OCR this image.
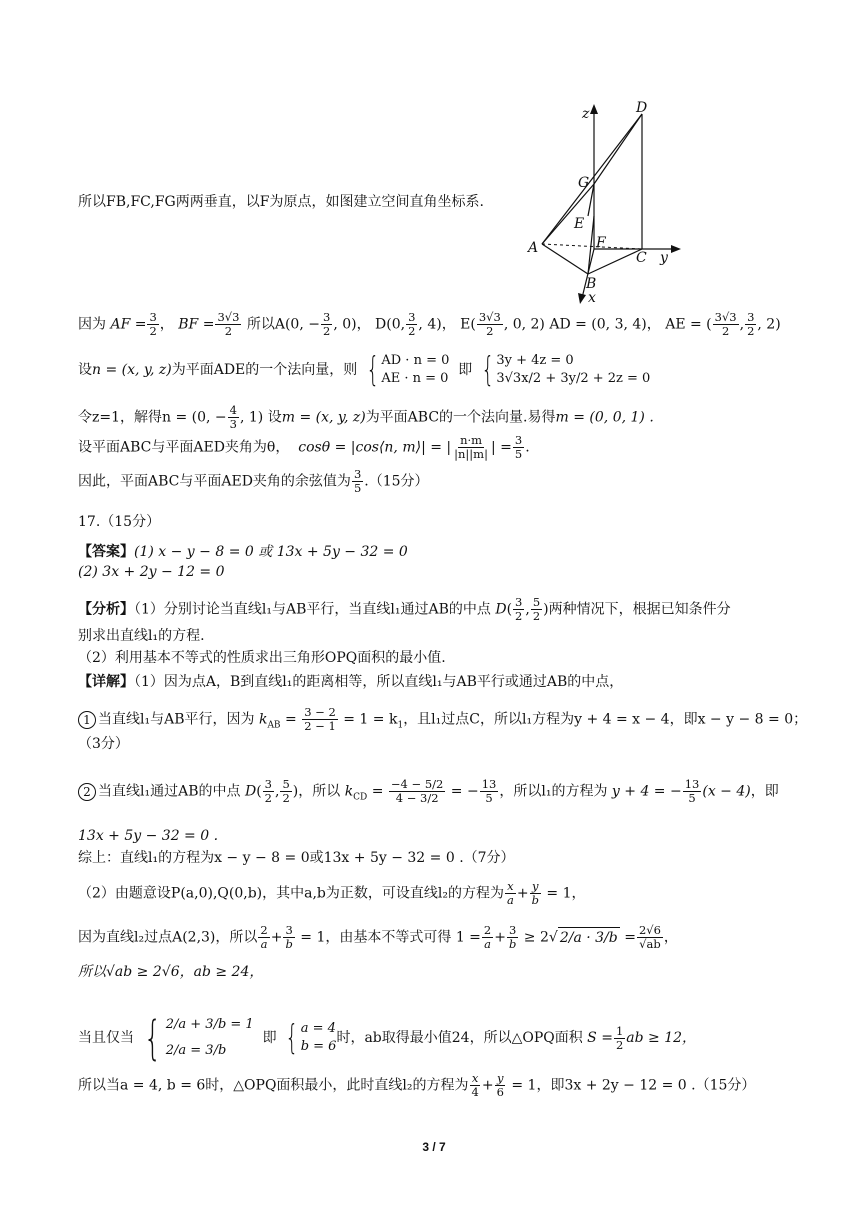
z	D
G
E
A	F
C y
B
x
所以FB,FC,FG两两垂直，以F为原点，如图建立空间直角坐标系.
因为 AF = $\frac{3}{2}$ ， BF = $\frac{3√3}{2}$ 所以A(0, − $\frac{3}{2}$ , 0)， D(0, $\frac{3}{2}$ , 4)， $E( \frac{3√3}{2}$ , 0, 2) AD = (0, 3, 4)， AE = ( $\frac{3√3}{2}$ , $\frac{3}{2}$ , 2)
设n = (x, y, z)为平面ADE的一个法向量，则 { AD · n = 0
AE · n = 0
即 { 3y + 4z = 0
3√3x/2 + 3y/2 + 2z = 0
令z=1，解得n = (0, − $\frac{4}{3}$ , 1) 设m = (x, y, z)为平面ABC的一个法向量.易得m = (0, 0, 1) .
设平面ABC与平面AED夹角为θ， cosθ = |cos⟨n, m⟩| = | $\frac{n\cdot m}{|n||m|}$ | = $\frac{3}{5}$ .
因此，平面ABC与平面AED夹角的余弦值为 $\frac{3}{5} .(15$分）
17.（15分）
【答案】(1) x − y − 8 = 0 或 13x + 5y − 32 = 0
(2) 3x + 2y − 12 = 0
【分析】（1）分别讨论当直线l₁与AB平行，当直线l₁通过AB的中点 $D( \frac{3}{2}$ , $\frac{5}{2}$ )两种情况下，根据已知条件分
别求出直线l₁的方程.
（2）利用基本不等式的性质求出三角形OPQ面积的最小值.
【详解】（1）因为点A，B到直线l₁的距离相等，所以直线l₁与AB平行或通过AB的中点，
1 当直线l₁与AB平行，因为 $k_{AB} = \frac{3 - 2}{2 - 1} = 1 = k_1$，且l₁过点C，所以l₁方程为y + 4 = x − 4，即x − y − 8 = 0；
（3分）
2 当直线l₁通过AB的中点 $D( \frac{3}{2}$ , $\frac{5}{2}$ )，所以 $k_{CD} = \frac{-4 - 5/2}{4 - 3/2}$ = − $\frac{13}{5}$ ，所以l₁的方程为 y + 4 = − $\frac{13}{5} (x - 4)$，即
13x + 5y − 32 = 0 .
综上：直线l₁的方程为x − y − 8 = 0或13x + 5y − 32 = 0 .（7分）
（2）由题意设P(a,0),Q(0,b)，其中a,b为正数，可设直线l₂的方程为 $\frac{x}{a} + \frac{y}{b} = 1$，
因为直线l₂过点A(2,3)，所以 $\frac{2}{a} + \frac{3}{b} = 1$，由基本不等式可得 $1 = \frac{2}{a} + \frac{3}{b} \ge 2√$ $2/a \cdot 3/b = \frac{2√6}{√ab}$ ，
所以√ab ≥ 2√6，ab ≥ 24，
当且仅当 { 2/a + 3/b = 1
2/a = 3/b
即 { a = 4
b = 6
时，ab取得最小值24，所以△OPQ面积 $S = \frac{1}{2}$ ab ≥ 12，
所以当a = 4, b = 6时，△OPQ面积最小，此时直线l₂的方程为 $\frac{x}{4} + \frac{y}{6} = 1$，即3x + 2y − 12 = 0 .（15分）
3 / 7
